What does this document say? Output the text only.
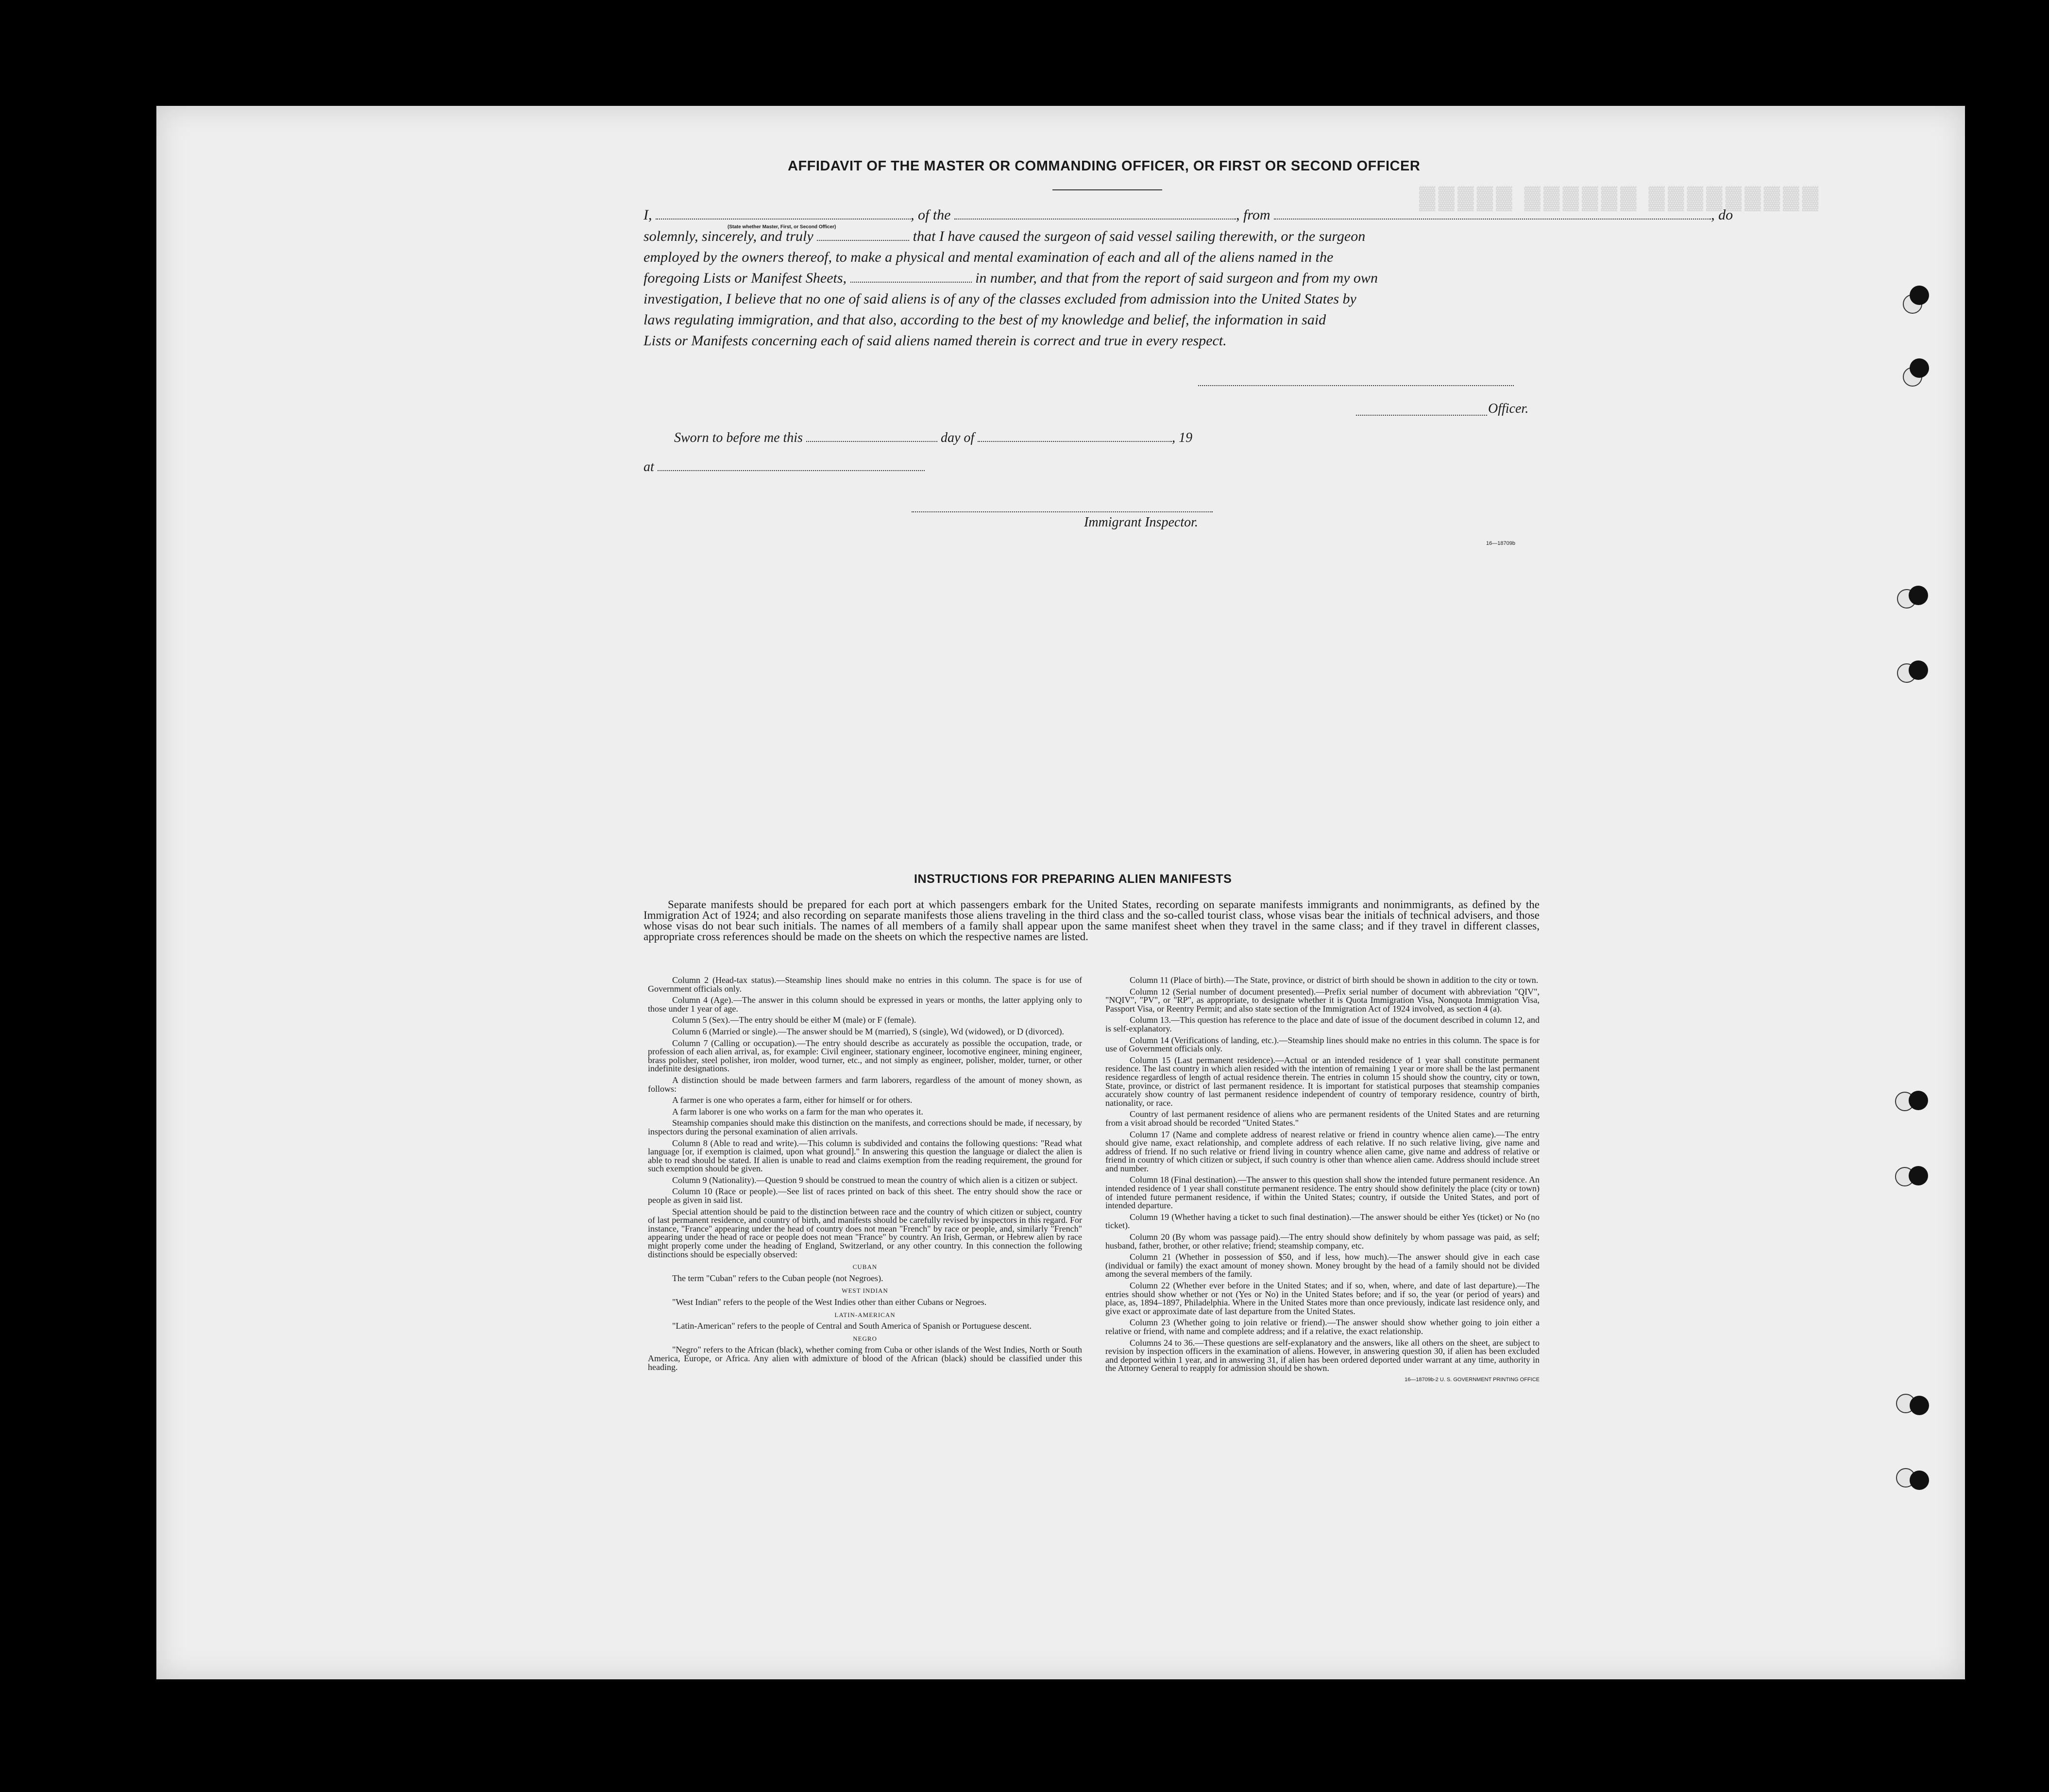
▓▓▓▓▓ ▓▓▓▓▓▓ ▓▓▓▓▓▓▓▓▓
AFFIDAVIT OF THE MASTER OR COMMANDING OFFICER, OR FIRST OR SECOND OFFICER
I,	, of the	, from	, do
(State whether Master, First, or Second Officer)
solemnly, sincerely, and truly	that I have caused the surgeon of said vessel sailing therewith, or the surgeon
employed by the owners thereof, to make a physical and mental examination of each and all of the aliens named in the
foregoing Lists or Manifest Sheets,	in number, and that from the report of said surgeon and from my own
investigation, I believe that no one of said aliens is of any of the classes excluded from admission into the United States by
laws regulating immigration, and that also, according to the best of my knowledge and belief, the information in said
Lists or Manifests concerning each of said aliens named therein is correct and true in every respect.
Officer.
Sworn to before me this	day of	, 19
at
Immigrant Inspector.
16—18709b
INSTRUCTIONS FOR PREPARING ALIEN MANIFESTS

Separate manifests should be prepared for each port at which passengers embark for the United States, recording on separate manifests immigrants and nonimmigrants, as defined by the Immigration Act of 1924; and also recording on separate manifests those aliens traveling in the third class and the so-called tourist class, whose visas bear the initials of technical advisers, and those whose visas do not bear such initials. The names of all members of a family shall appear upon the same manifest sheet when they travel in the same class; and if they travel in different classes, appropriate cross references should be made on the sheets on which the respective names are listed.

Column 2 (Head-tax status).—Steamship lines should make no entries in this column. The space is for use of Government officials only.

Column 4 (Age).—The answer in this column should be expressed in years or months, the latter applying only to those under 1 year of age.

Column 5 (Sex).—The entry should be either M (male) or F (female).

Column 6 (Married or single).—The answer should be M (married), S (single), Wd (widowed), or D (divorced).

Column 7 (Calling or occupation).—The entry should describe as accurately as possible the occupation, trade, or profession of each alien arrival, as, for example: Civil engineer, stationary engineer, locomotive engineer, mining engineer, brass polisher, steel polisher, iron molder, wood turner, etc., and not simply as engineer, polisher, molder, turner, or other indefinite designations.

A distinction should be made between farmers and farm laborers, regardless of the amount of money shown, as follows:

A farmer is one who operates a farm, either for himself or for others.

A farm laborer is one who works on a farm for the man who operates it.

Steamship companies should make this distinction on the manifests, and corrections should be made, if necessary, by inspectors during the personal examination of alien arrivals.

Column 8 (Able to read and write).—This column is subdivided and contains the following questions: "Read what language [or, if exemption is claimed, upon what ground]." In answering this question the language or dialect the alien is able to read should be stated. If alien is unable to read and claims exemption from the reading requirement, the ground for such exemption should be given.

Column 9 (Nationality).—Question 9 should be construed to mean the country of which alien is a citizen or subject.

Column 10 (Race or people).—See list of races printed on back of this sheet. The entry should show the race or people as given in said list.

Special attention should be paid to the distinction between race and the country of which citizen or subject, country of last permanent residence, and country of birth, and manifests should be carefully revised by inspectors in this regard. For instance, "France" appearing under the head of country does not mean "French" by race or people, and, similarly "French" appearing under the head of race or people does not mean "France" by country. An Irish, German, or Hebrew alien by race might properly come under the heading of England, Switzerland, or any other country. In this connection the following distinctions should be especially observed:

CUBAN

The term "Cuban" refers to the Cuban people (not Negroes).

WEST INDIAN

"West Indian" refers to the people of the West Indies other than either Cubans or Negroes.

LATIN-AMERICAN

"Latin-American" refers to the people of Central and South America of Spanish or Portuguese descent.

NEGRO

"Negro" refers to the African (black), whether coming from Cuba or other islands of the West Indies, North or South America, Europe, or Africa. Any alien with admixture of blood of the African (black) should be classified under this heading.

Column 11 (Place of birth).—The State, province, or district of birth should be shown in addition to the city or town.

Column 12 (Serial number of document presented).—Prefix serial number of document with abbreviation "QIV", "NQIV", "PV", or "RP", as appropriate, to designate whether it is Quota Immigration Visa, Nonquota Immigration Visa, Passport Visa, or Reentry Permit; and also state section of the Immigration Act of 1924 involved, as section 4 (a).

Column 13.—This question has reference to the place and date of issue of the document described in column 12, and is self-explanatory.

Column 14 (Verifications of landing, etc.).—Steamship lines should make no entries in this column. The space is for use of Government officials only.

Column 15 (Last permanent residence).—Actual or an intended residence of 1 year shall constitute permanent residence. The last country in which alien resided with the intention of remaining 1 year or more shall be the last permanent residence regardless of length of actual residence therein. The entries in column 15 should show the country, city or town, State, province, or district of last permanent residence. It is important for statistical purposes that steamship companies accurately show country of last permanent residence independent of country of temporary residence, country of birth, nationality, or race.

Country of last permanent residence of aliens who are permanent residents of the United States and are returning from a visit abroad should be recorded "United States."

Column 17 (Name and complete address of nearest relative or friend in country whence alien came).—The entry should give name, exact relationship, and complete address of each relative. If no such relative living, give name and address of friend. If no such relative or friend living in country whence alien came, give name and address of relative or friend in country of which citizen or subject, if such country is other than whence alien came. Address should include street and number.

Column 18 (Final destination).—The answer to this question shall show the intended future permanent residence. An intended residence of 1 year shall constitute permanent residence. The entry should show definitely the place (city or town) of intended future permanent residence, if within the United States; country, if outside the United States, and port of intended departure.

Column 19 (Whether having a ticket to such final destination).—The answer should be either Yes (ticket) or No (no ticket).

Column 20 (By whom was passage paid).—The entry should show definitely by whom passage was paid, as self; husband, father, brother, or other relative; friend; steamship company, etc.

Column 21 (Whether in possession of $50, and if less, how much).—The answer should give in each case (individual or family) the exact amount of money shown. Money brought by the head of a family should not be divided among the several members of the family.

Column 22 (Whether ever before in the United States; and if so, when, where, and date of last departure).—The entries should show whether or not (Yes or No) in the United States before; and if so, the year (or period of years) and place, as, 1894–1897, Philadelphia. Where in the United States more than once previously, indicate last residence only, and give exact or approximate date of last departure from the United States.

Column 23 (Whether going to join relative or friend).—The answer should show whether going to join either a relative or friend, with name and complete address; and if a relative, the exact relationship.

Columns 24 to 36.—These questions are self-explanatory and the answers, like all others on the sheet, are subject to revision by inspection officers in the examination of aliens. However, in answering question 30, if alien has been excluded and deported within 1 year, and in answering 31, if alien has been ordered deported under warrant at any time, authority in the Attorney General to reapply for admission should be shown.

16—18709b-2 U. S. GOVERNMENT PRINTING OFFICE
